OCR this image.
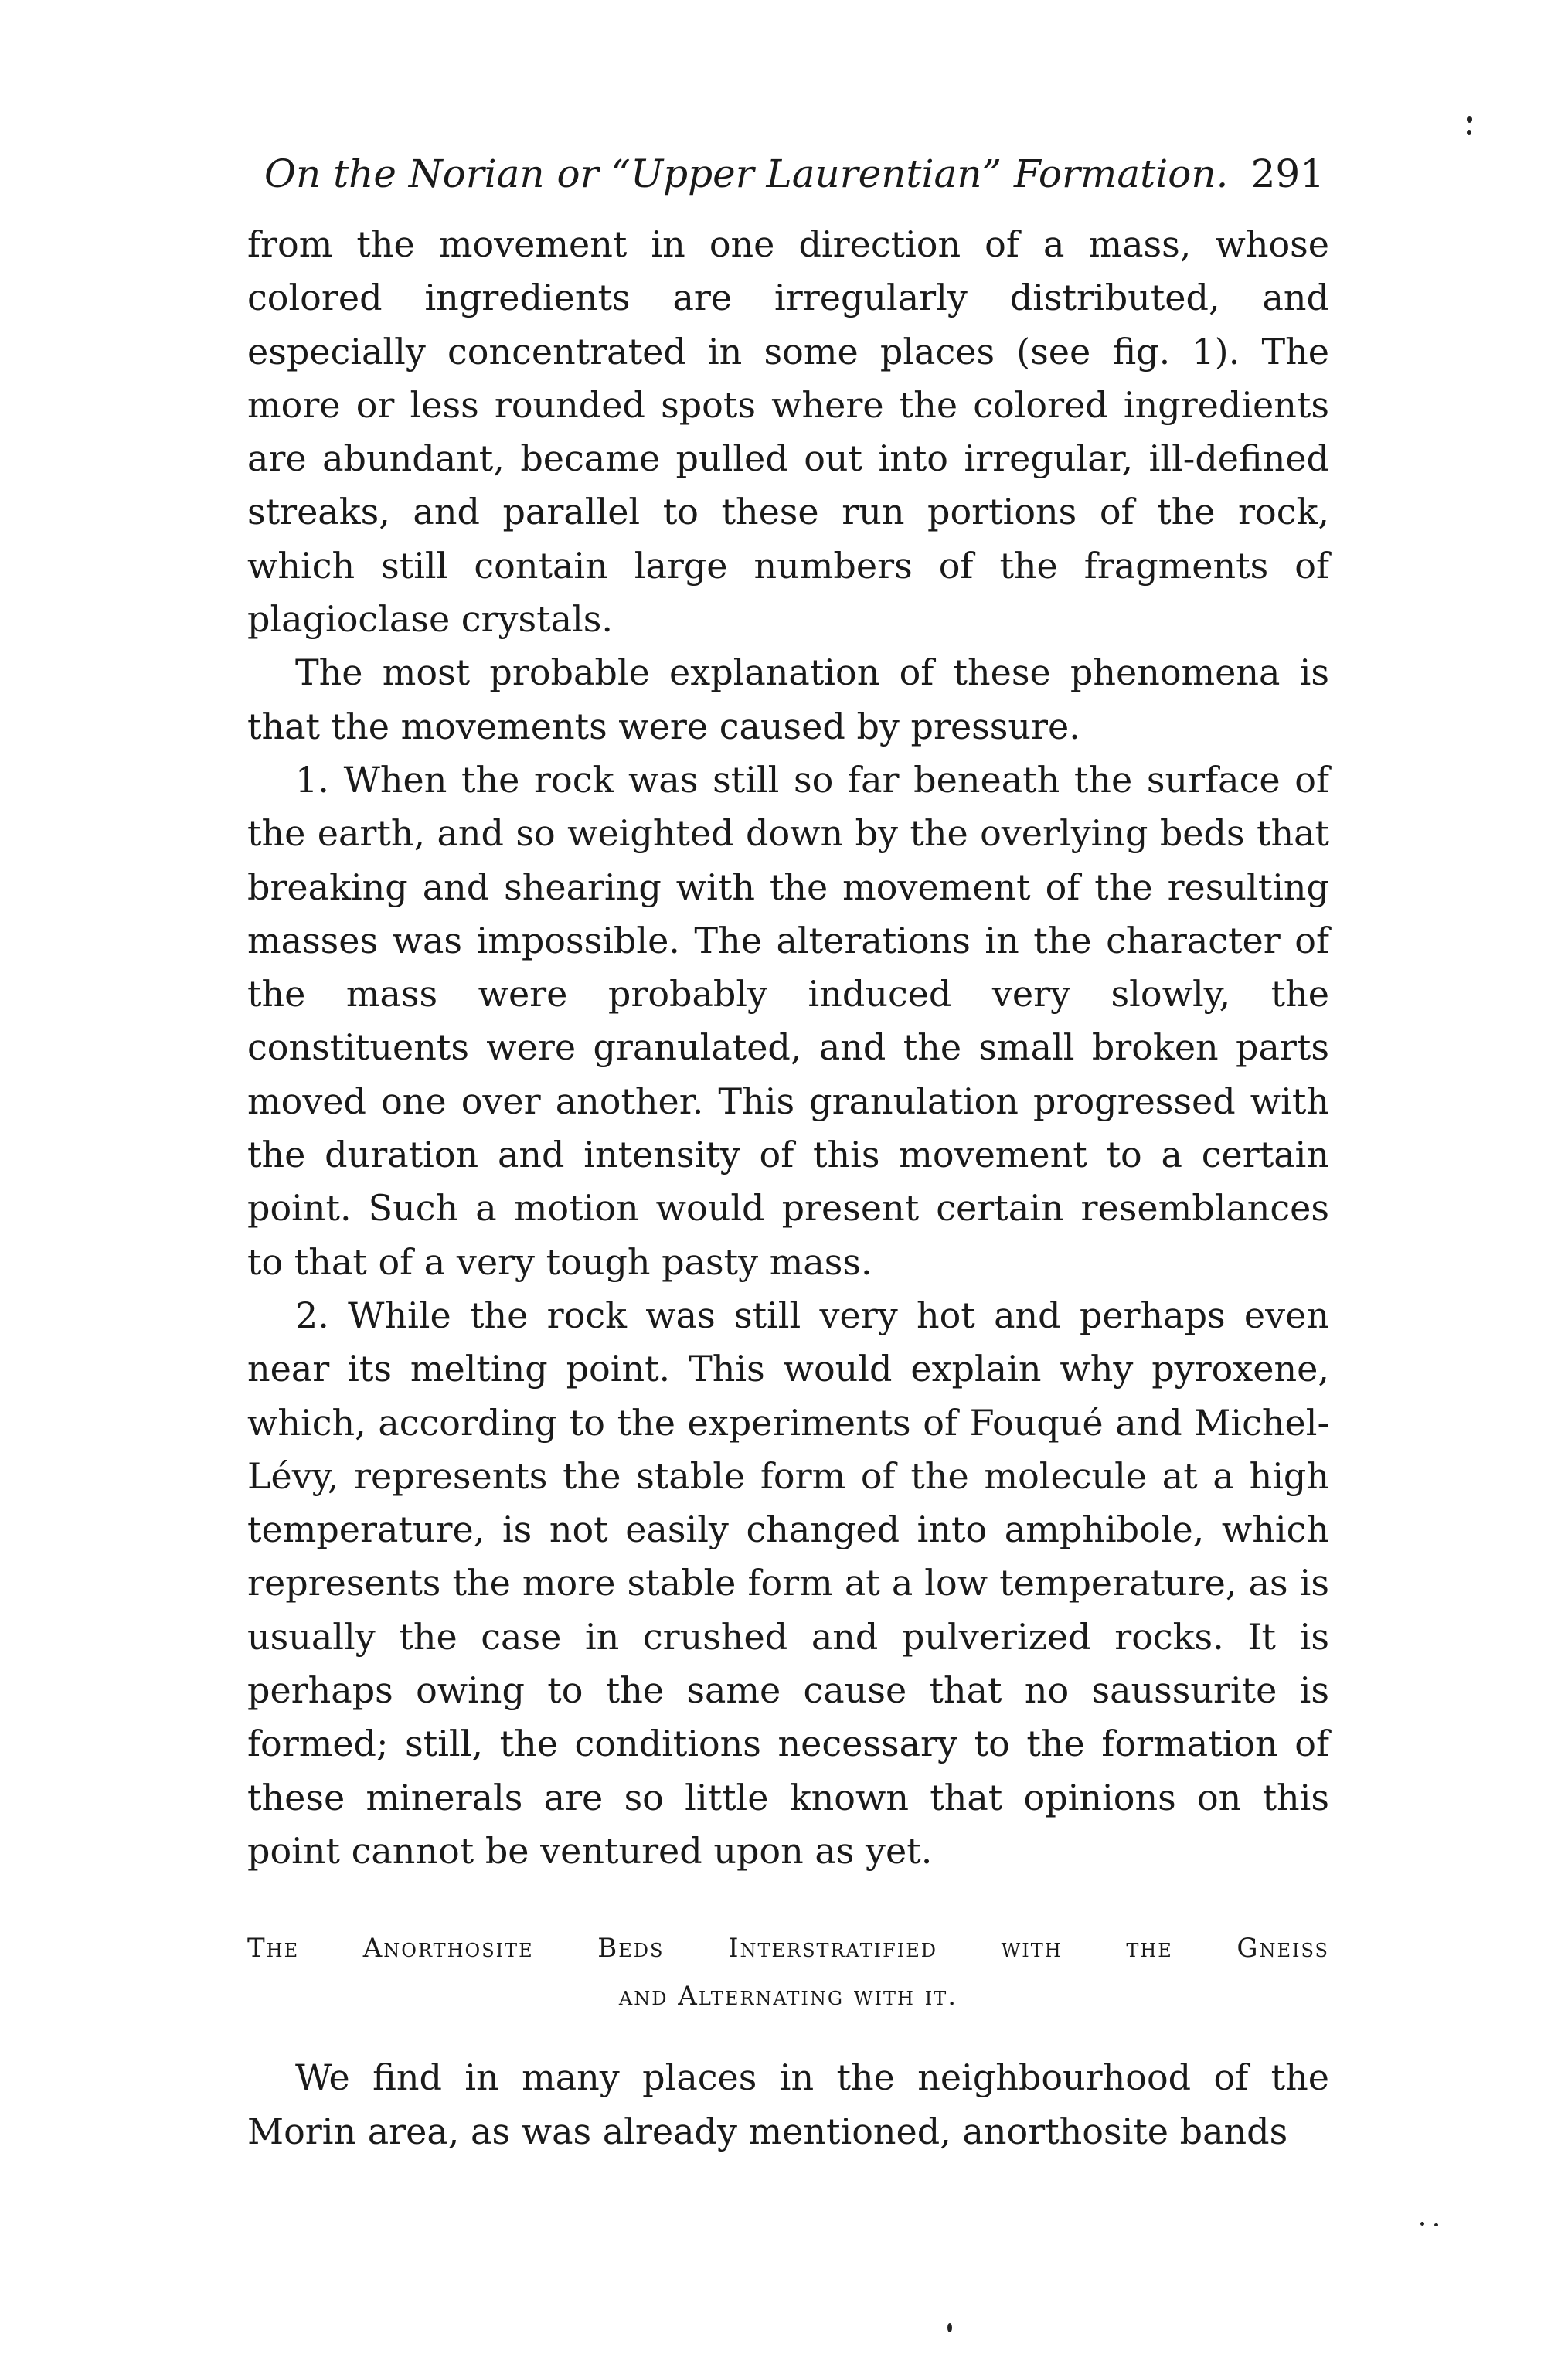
On the Norian or “Upper Laurentian” Formation. 291

from the movement in one direction of a mass, whose colored ingredients are irregularly distributed, and especially concentrated in some places (see fig. 1). The more or less rounded spots where the colored ingredients are abundant, became pulled out into irregular, ill-defined streaks, and parallel to these run portions of the rock, which still contain large numbers of the fragments of plagioclase crystals.

The most probable explanation of these phenomena is that the movements were caused by pressure.

1. When the rock was still so far beneath the surface of the earth, and so weighted down by the overlying beds that breaking and shearing with the movement of the resulting masses was impossible. The alterations in the character of the mass were probably induced very slowly, the constituents were granulated, and the small broken parts moved one over another. This granulation progressed with the duration and intensity of this movement to a certain point. Such a motion would present certain resemblances to that of a very tough pasty mass.

2. While the rock was still very hot and perhaps even near its melting point. This would explain why pyroxene, which, according to the experiments of Fouqué and Michel-Lévy, represents the stable form of the molecule at a high temperature, is not easily changed into amphibole, which represents the more stable form at a low temperature, as is usually the case in crushed and pulverized rocks. It is perhaps owing to the same cause that no saussurite is formed; still, the conditions necessary to the formation of these minerals are so little known that opinions on this point cannot be ventured upon as yet.

The Anorthosite Beds Interstratified with the Gneiss
and Alternating with it.

We find in many places in the neighbourhood of the Morin area, as was already mentioned, anorthosite bands
